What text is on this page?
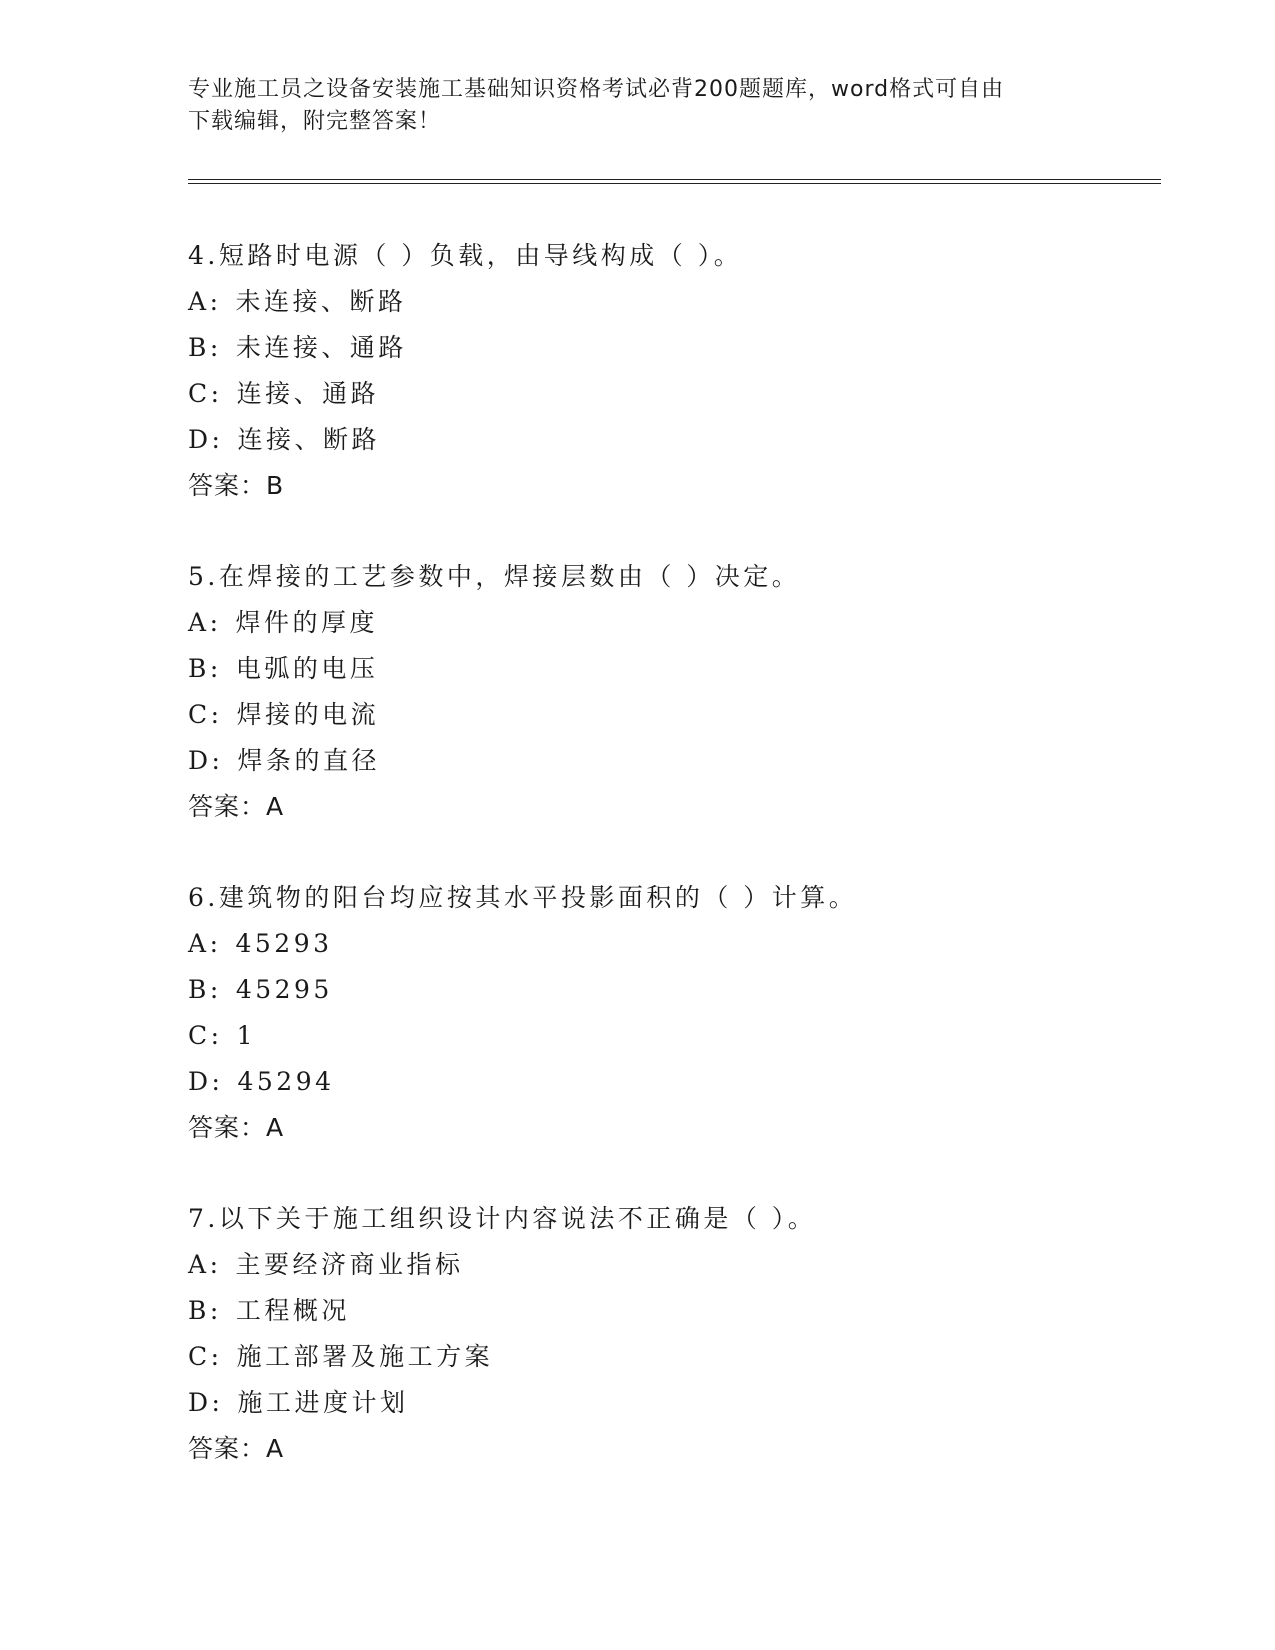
专业施工员之设备安装施工基础知识资格考试必背200题题库，word格式可自由
下载编辑，附完整答案！
4.短路时电源（ ）负载，由导线构成（ ）。
A: 未连接、断路
B: 未连接、通路
C: 连接、通路
D: 连接、断路
答案：B
5.在焊接的工艺参数中，焊接层数由（ ）决定。
A: 焊件的厚度
B: 电弧的电压
C: 焊接的电流
D: 焊条的直径
答案：A
6.建筑物的阳台均应按其水平投影面积的（ ）计算。
A: 45293
B: 45295
C: 1
D: 45294
答案：A
7.以下关于施工组织设计内容说法不正确是（ ）。
A: 主要经济商业指标
B: 工程概况
C: 施工部署及施工方案
D: 施工进度计划
答案：A
